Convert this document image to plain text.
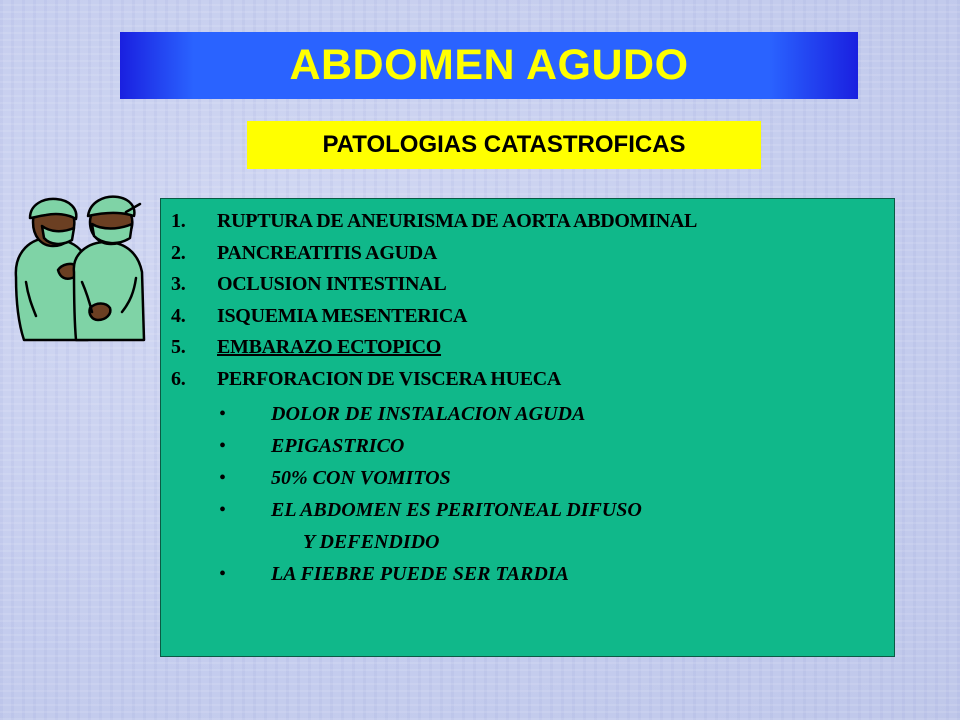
ABDOMEN AGUDO
PATOLOGIAS CATASTROFICAS
1.	RUPTURA DE ANEURISMA DE AORTA ABDOMINAL
2.	PANCREATITIS AGUDA
3.	OCLUSION INTESTINAL
4.	ISQUEMIA MESENTERICA
5.	EMBARAZO ECTOPICO
6.	PERFORACION DE VISCERA HUECA
•	DOLOR DE INSTALACION AGUDA
•	EPIGASTRICO
•	50% CON VOMITOS
•	EL ABDOMEN ES PERITONEAL DIFUSO
Y DEFENDIDO
•	LA FIEBRE PUEDE SER TARDIA
